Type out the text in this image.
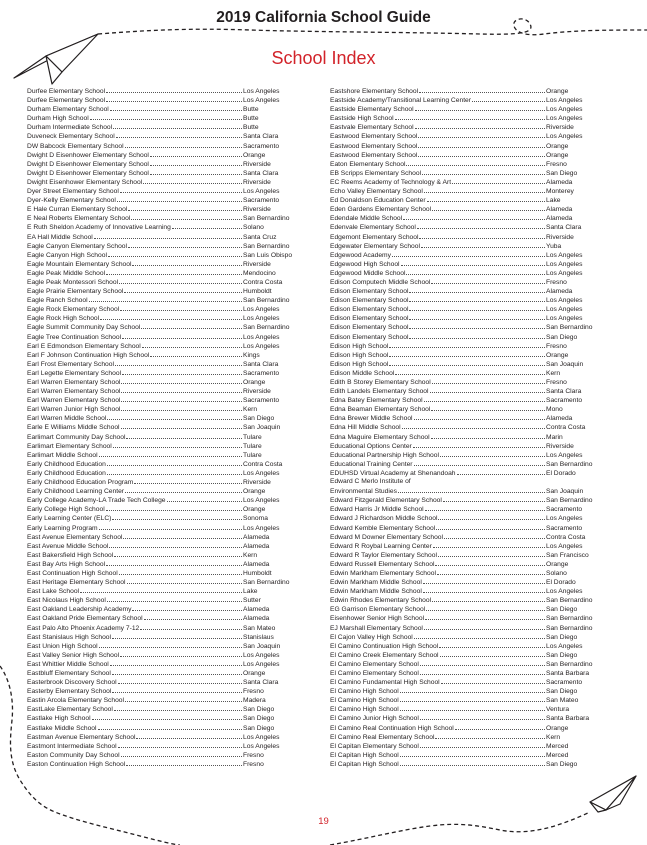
2019 California School Guide
School Index
Durfee Elementary School	Los Angeles
Durfee Elementary School	Los Angeles
Durham Elementary School	Butte
Durham High School	Butte
Durham Intermediate School	Butte
Duveneck Elementary School	Santa Clara
DW Babcock Elementary School	Sacramento
Dwight D Eisenhower Elementary School	Orange
Dwight D Eisenhower Elementary School	Riverside
Dwight D Eisenhower Elementary School	Santa Clara
Dwight Eisenhower Elementary School	Riverside
Dyer Street Elementary School	Los Angeles
Dyer-Kelly Elementary School	Sacramento
E Hale Curran Elementary School	Riverside
E Neal Roberts Elementary School	San Bernardino
E Ruth Sheldon Academy of Innovative Learning	Solano
EA Hall Middle School	Santa Cruz
Eagle Canyon Elementary School	San Bernardino
Eagle Canyon High School	San Luis Obispo
Eagle Mountain Elementary School	Riverside
Eagle Peak Middle School	Mendocino
Eagle Peak Montessori School	Contra Costa
Eagle Prairie Elementary School	Humboldt
Eagle Ranch School	San Bernardino
Eagle Rock Elementary School	Los Angeles
Eagle Rock High School	Los Angeles
Eagle Summit Community Day School	San Bernardino
Eagle Tree Continuation School	Los Angeles
Earl E Edmondson Elementary School	Los Angeles
Earl F Johnson Continuation High School	Kings
Earl Frost Elementary School	Santa Clara
Earl Legette Elementary School	Sacramento
Earl Warren Elementary School	Orange
Earl Warren Elementary School	Riverside
Earl Warren Elementary School	Sacramento
Earl Warren Junior High School	Kern
Earl Warren Middle School	San Diego
Earle E Williams Middle School	San Joaquin
Earlimart Community Day School	Tulare
Earlimart Elementary School	Tulare
Earlimart Middle School	Tulare
Early Childhood Education	Contra Costa
Early Childhood Education	Los Angeles
Early Childhood Education Program	Riverside
Early Childhood Learning Center	Orange
Early College Academy-LA Trade Tech College	Los Angeles
Early College High School	Orange
Early Learning Center (ELC)	Sonoma
Early Learning Program	Los Angeles
East Avenue Elementary School	Alameda
East Avenue Middle School	Alameda
East Bakersfield High School	Kern
East Bay Arts High School	Alameda
East Continuation High School	Humboldt
East Heritage Elementary School	San Bernardino
East Lake School	Lake
East Nicolaus High School	Sutter
East Oakland Leadership Academy	Alameda
East Oakland Pride Elementary School	Alameda
East Palo Alto Phoenix Academy 7-12	San Mateo
East Stanislaus High School	Stanislaus
East Union High School	San Joaquin
East Valley Senior High School	Los Angeles
East Whittier Middle School	Los Angeles
Eastbluff Elementary School	Orange
Easterbrook Discovery School	Santa Clara
Easterby Elementary School	Fresno
Eastin Arcola Elementary School	Madera
EastLake Elementary School	San Diego
Eastlake High School	San Diego
Eastlake Middle School	San Diego
Eastman Avenue Elementary School	Los Angeles
Eastmont Intermediate School	Los Angeles
Easton Community Day School	Fresno
Easton Continuation High School	Fresno
Eastshore Elementary School	Orange
Eastside Academy/Transitional Learning Center	Los Angeles
Eastside Elementary School	Los Angeles
Eastside High School	Los Angeles
Eastvale Elementary School	Riverside
Eastwood Elementary School	Los Angeles
Eastwood Elementary School	Orange
Eastwood Elementary School	Orange
Eaton Elementary School	Fresno
EB Scripps Elementary School	San Diego
EC Reems Academy of Technology & Art	Alameda
Echo Valley Elementary School	Monterey
Ed Donaldson Education Center	Lake
Eden Gardens Elementary School	Alameda
Edendale Middle School	Alameda
Edenvale Elementary School	Santa Clara
Edgemont Elementary School	Riverside
Edgewater Elementary School	Yuba
Edgewood Academy	Los Angeles
Edgewood High School	Los Angeles
Edgewood Middle School	Los Angeles
Edison Computech Middle School	Fresno
Edison Elementary School	Alameda
Edison Elementary School	Los Angeles
Edison Elementary School	Los Angeles
Edison Elementary School	Los Angeles
Edison Elementary School	San Bernardino
Edison Elementary School	San Diego
Edison High School	Fresno
Edison High School	Orange
Edison High School	San Joaquin
Edison Middle School	Kern
Edith B Storey Elementary School	Fresno
Edith Landels Elementary School	Santa Clara
Edna Batey Elementary School	Sacramento
Edna Beaman Elementary School	Mono
Edna Brewer Middle School	Alameda
Edna Hill Middle School	Contra Costa
Edna Maguire Elementary School	Marin
Educational Options Center	Riverside
Educational Partnership High School	Los Angeles
Educational Training Center	San Bernardino
EDUHSD Virtual Academy at Shenandoah	El Dorado
Edward C Merlo Institute of
Environmental Studies	San Joaquin
Edward Fitzgerald Elementary School	San Bernardino
Edward Harris Jr Middle School	Sacramento
Edward J Richardson Middle School	Los Angeles
Edward Kemble Elementary School	Sacramento
Edward M Downer Elementary School	Contra Costa
Edward R Roybal Learning Center	Los Angeles
Edward R Taylor Elementary School	San Francisco
Edward Russell Elementary School	Orange
Edwin Markham Elementary School	Solano
Edwin Markham Middle School	El Dorado
Edwin Markham Middle School	Los Angeles
Edwin Rhodes Elementary School	San Bernardino
EG Garrison Elementary School	San Diego
Eisenhower Senior High School	San Bernardino
EJ Marshall Elementary School	San Bernardino
El Cajon Valley High School	San Diego
El Camino Continuation High School	Los Angeles
El Camino Creek Elementary School	San Diego
El Camino Elementary School	San Bernardino
El Camino Elementary School	Santa Barbara
El Camino Fundamental High School	Sacramento
El Camino High School	San Diego
El Camino High School	San Mateo
El Camino High School	Ventura
El Camino Junior High School	Santa Barbara
El Camino Real Continuation High School	Orange
El Camino Real Elementary School	Kern
El Capitan Elementary School	Merced
El Capitan High School	Merced
El Capitan High School	San Diego
19
